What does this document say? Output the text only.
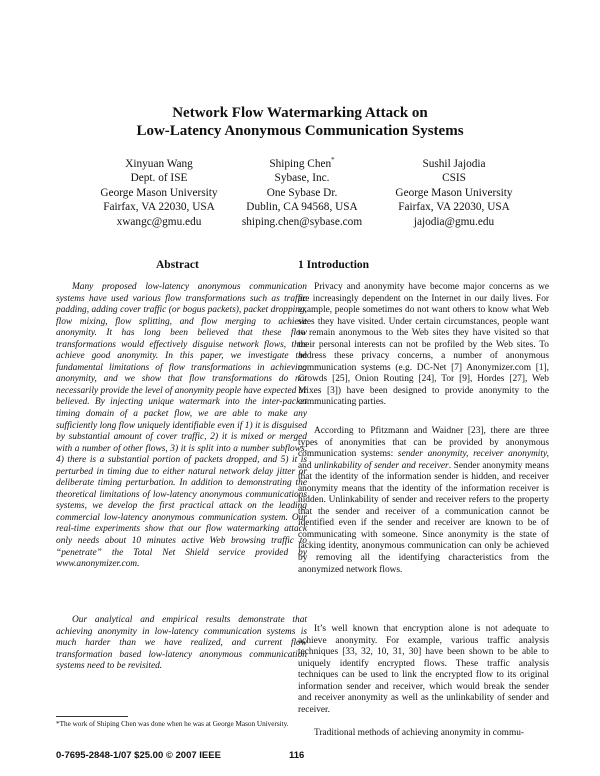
Network Flow Watermarking Attack on
Low-Latency Anonymous Communication Systems
Xinyuan Wang
Dept. of ISE
George Mason University
Fairfax, VA 22030, USA
xwangc@gmu.edu
Shiping Chen*
Sybase, Inc.
One Sybase Dr.
Dublin, CA 94568, USA
shiping.chen@sybase.com
Sushil Jajodia
CSIS
George Mason University
Fairfax, VA 22030, USA
jajodia@gmu.edu
Abstract
Many proposed low-latency anonymous communication systems have used various flow transformations such as traffic padding, adding cover traffic (or bogus packets), packet dropping, flow mixing, flow splitting, and flow merging to achieve anonymity. It has long been believed that these flow transformations would effectively disguise network flows, thus achieve good anonymity. In this paper, we investigate the fundamental limitations of flow transformations in achieving anonymity, and we show that flow transformations do not necessarily provide the level of anonymity people have expected or believed. By injecting unique watermark into the inter-packet timing domain of a packet flow, we are able to make any sufficiently long flow uniquely identifiable even if 1) it is disguised by substantial amount of cover traffic, 2) it is mixed or merged with a number of other flows, 3) it is split into a number subflows, 4) there is a substantial portion of packets dropped, and 5) it is perturbed in timing due to either natural network delay jitter or deliberate timing perturbation. In addition to demonstrating the theoretical limitations of low-latency anonymous communications systems, we develop the first practical attack on the leading commercial low-latency anonymous communication system. Our real-time experiments show that our flow watermarking attack only needs about 10 minutes active Web browsing traffic to “penetrate” the Total Net Shield service provided by www.anonymizer.com.
Our analytical and empirical results demonstrate that achieving anonymity in low-latency communication systems is much harder than we have realized, and current flow transformation based low-latency anonymous communication systems need to be revisited.
1 Introduction
Privacy and anonymity have become major concerns as we are increasingly dependent on the Internet in our daily lives. For example, people sometimes do not want others to know what Web sites they have visited. Under certain circumstances, people want to remain anonymous to the Web sites they have visited so that their personal interests can not be profiled by the Web sites. To address these privacy concerns, a number of anonymous communication systems (e.g. DC-Net [7] Anonymizer.com [1], Crowds [25], Onion Routing [24], Tor [9], Hordes [27], Web Mixes [3]) have been designed to provide anonymity to the communicating parties.
According to Pfitzmann and Waidner [23], there are three types of anonymities that can be provided by anonymous communication systems: sender anonymity, receiver anonymity, and unlinkability of sender and receiver. Sender anonymity means that the identity of the information sender is hidden, and receiver anonymity means that the identity of the information receiver is hidden. Unlinkability of sender and receiver refers to the property that the sender and receiver of a communication cannot be identified even if the sender and receiver are known to be of communicating with someone. Since anonymity is the state of lacking identity, anonymous communication can only be achieved by removing all the identifying characteristics from the anonymized network flows.
It’s well known that encryption alone is not adequate to achieve anonymity. For example, various traffic analysis techniques [33, 32, 10, 31, 30] have been shown to be able to uniquely identify encrypted flows. These traffic analysis techniques can be used to link the encrypted flow to its original information sender and receiver, which would break the sender and receiver anonymity as well as the unlinkability of sender and receiver.
Traditional methods of achieving anonymity in commu-
*The work of Shiping Chen was done when he was at George Mason University.
0-7695-2848-1/07 $25.00 © 2007 IEEE	116
